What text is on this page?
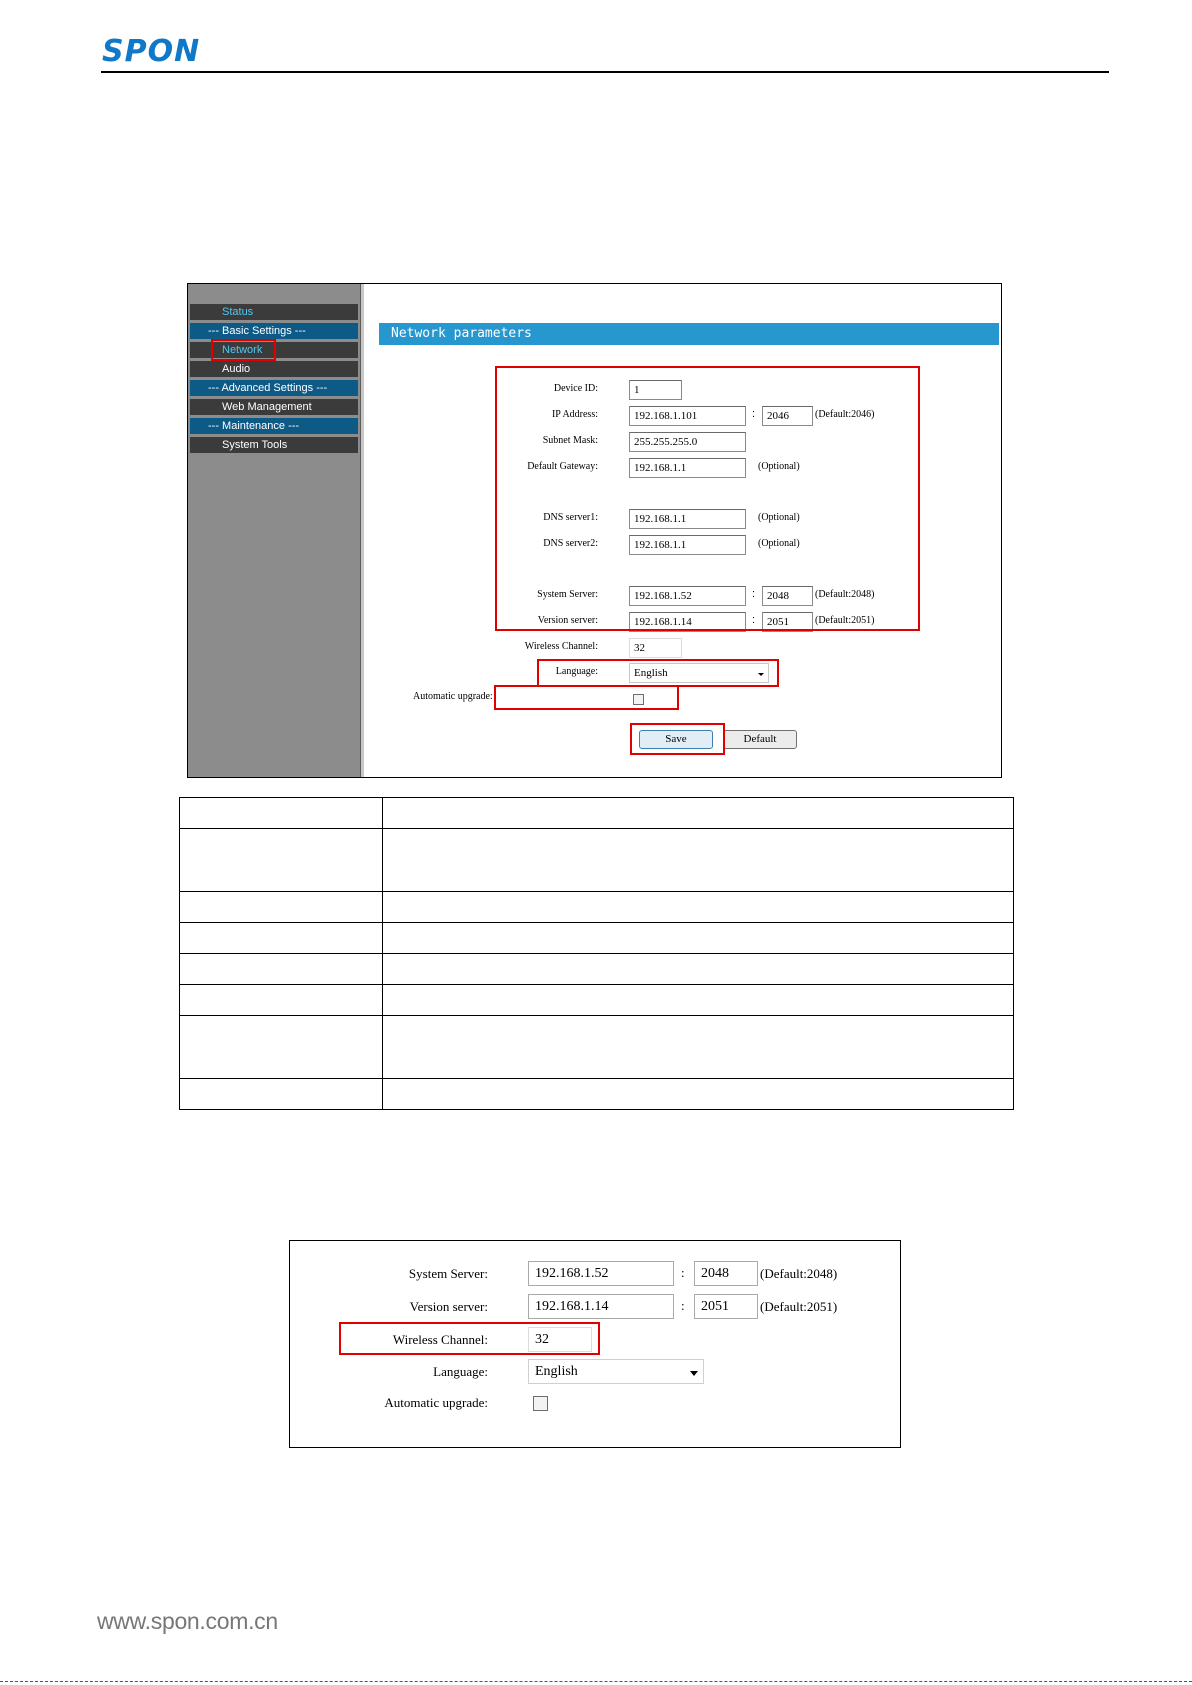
SPON
Status
--- Basic Settings ---
Network
Audio
--- Advanced Settings ---
Web Management
--- Maintenance ---
System Tools
Network parameters
Device ID:	1
IP Address:	192.168.1.101	:	2046	(Default:2046)
Subnet Mask:	255.255.255.0
Default Gateway:	192.168.1.1	(Optional)
DNS server1:	192.168.1.1	(Optional)
DNS server2:	192.168.1.1	(Optional)
System Server:	192.168.1.52	:	2048	(Default:2048)
Version server:	192.168.1.14	:	2051	(Default:2051)
Wireless Channel:	32
Language:	English
Automatic upgrade:
Save	Default

System Server:	192.168.1.52	:	2048	(Default:2048)
Version server:	192.168.1.14	:	2051	(Default:2051)
Wireless Channel:	32
Language:	English
Automatic upgrade:
www.spon.com.cn
